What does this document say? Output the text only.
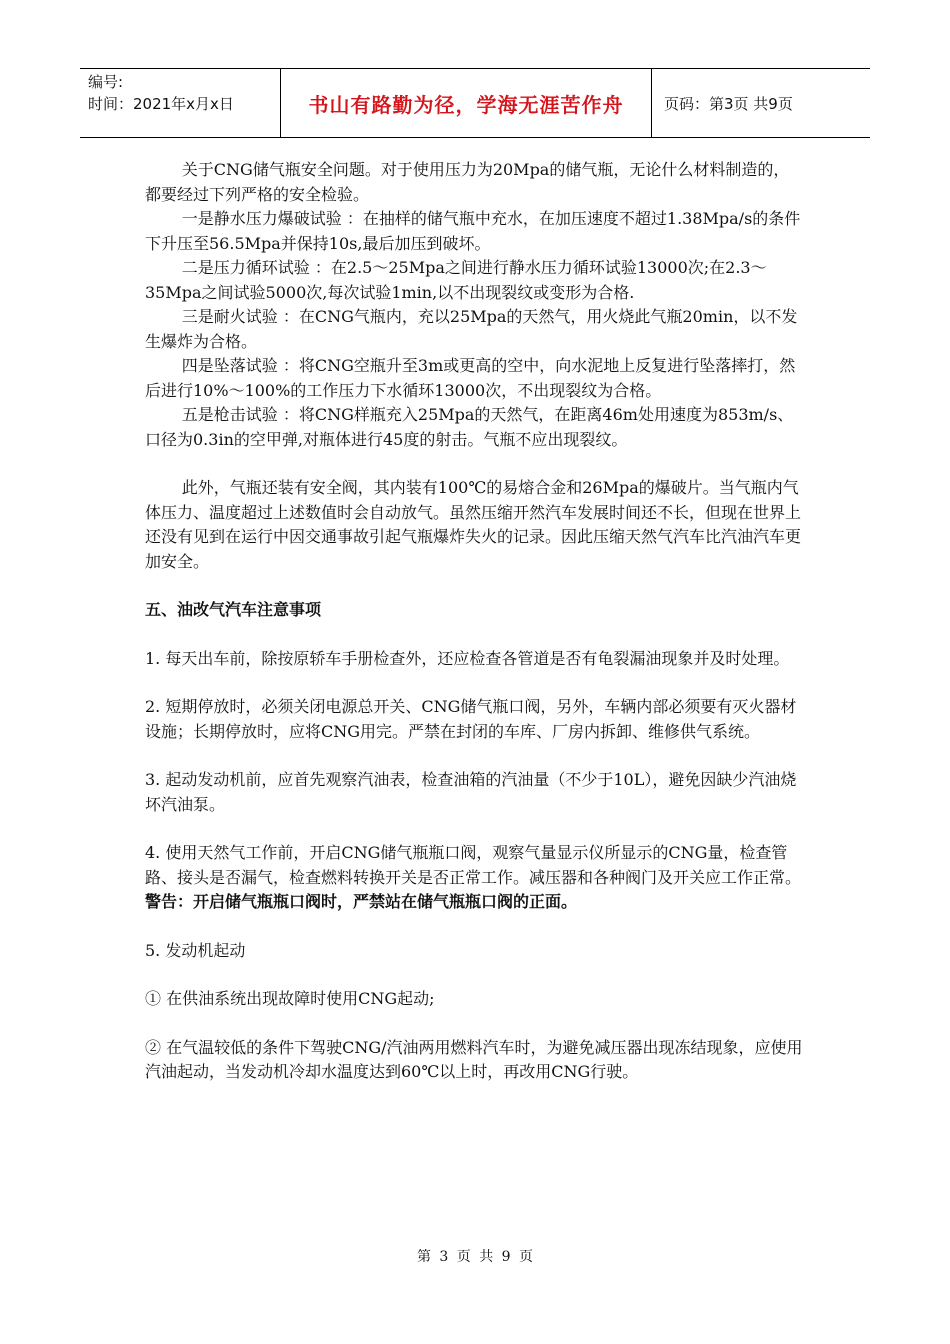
编号:
时间：2021年x月x日	书山有路勤为径，学海无涯苦作舟	页码：第3页 共9页

关于CNG储气瓶安全问题。对于使用压力为20Mpa的储气瓶，无论什么材料制造的，都要经过下列严格的安全检验。

一是静水压力爆破试验 ：在抽样的储气瓶中充水，在加压速度不超过1.38Mpa/s的条件下升压至56.5Mpa并保持10s,最后加压到破坏。

二是压力循环试验 ：在2.5～25Mpa之间进行静水压力循环试验13000次;在2.3～35Mpa之间试验5000次,每次试验1min,以不出现裂纹或变形为合格.

三是耐火试验 ：在CNG气瓶内，充以25Mpa的天然气，用火烧此气瓶20min，以不发生爆炸为合格。

四是坠落试验 ：将CNG空瓶升至3m或更高的空中，向水泥地上反复进行坠落摔打，然后进行10%～100%的工作压力下水循环13000次，不出现裂纹为合格。

五是枪击试验 ：将CNG样瓶充入25Mpa的天然气，在距离46m处用速度为853m/s、口径为0.3in的空甲弹,对瓶体进行45度的射击。气瓶不应出现裂纹。

此外，气瓶还装有安全阀，其内装有100℃的易熔合金和26Mpa的爆破片。当气瓶内气体压力、温度超过上述数值时会自动放气。虽然压缩开然汽车发展时间还不长，但现在世界上还没有见到在运行中因交通事故引起气瓶爆炸失火的记录。因此压缩天然气汽车比汽油汽车更加安全。

五、油改气汽车注意事项

1. 每天出车前，除按原轿车手册检查外，还应检查各管道是否有龟裂漏油现象并及时处理。

2. 短期停放时，必须关闭电源总开关、CNG储气瓶口阀，另外，车辆内部必须要有灭火器材设施；长期停放时，应将CNG用完。严禁在封闭的车库、厂房内拆卸、维修供气系统。

3. 起动发动机前，应首先观察汽油表，检查油箱的汽油量（不少于10L），避免因缺少汽油烧坏汽油泵。

4. 使用天然气工作前，开启CNG储气瓶瓶口阀，观察气量显示仪所显示的CNG量，检查管路、接头是否漏气，检查燃料转换开关是否正常工作。减压器和各种阀门及开关应工作正常。警告：开启储气瓶瓶口阀时，严禁站在储气瓶瓶口阀的正面。

5. 发动机起动

① 在供油系统出现故障时使用CNG起动;

② 在气温较低的条件下驾驶CNG/汽油两用燃料汽车时，为避免减压器出现冻结现象，应使用汽油起动，当发动机冷却水温度达到60℃以上时，再改用CNG行驶。

第 3 页 共 9 页
